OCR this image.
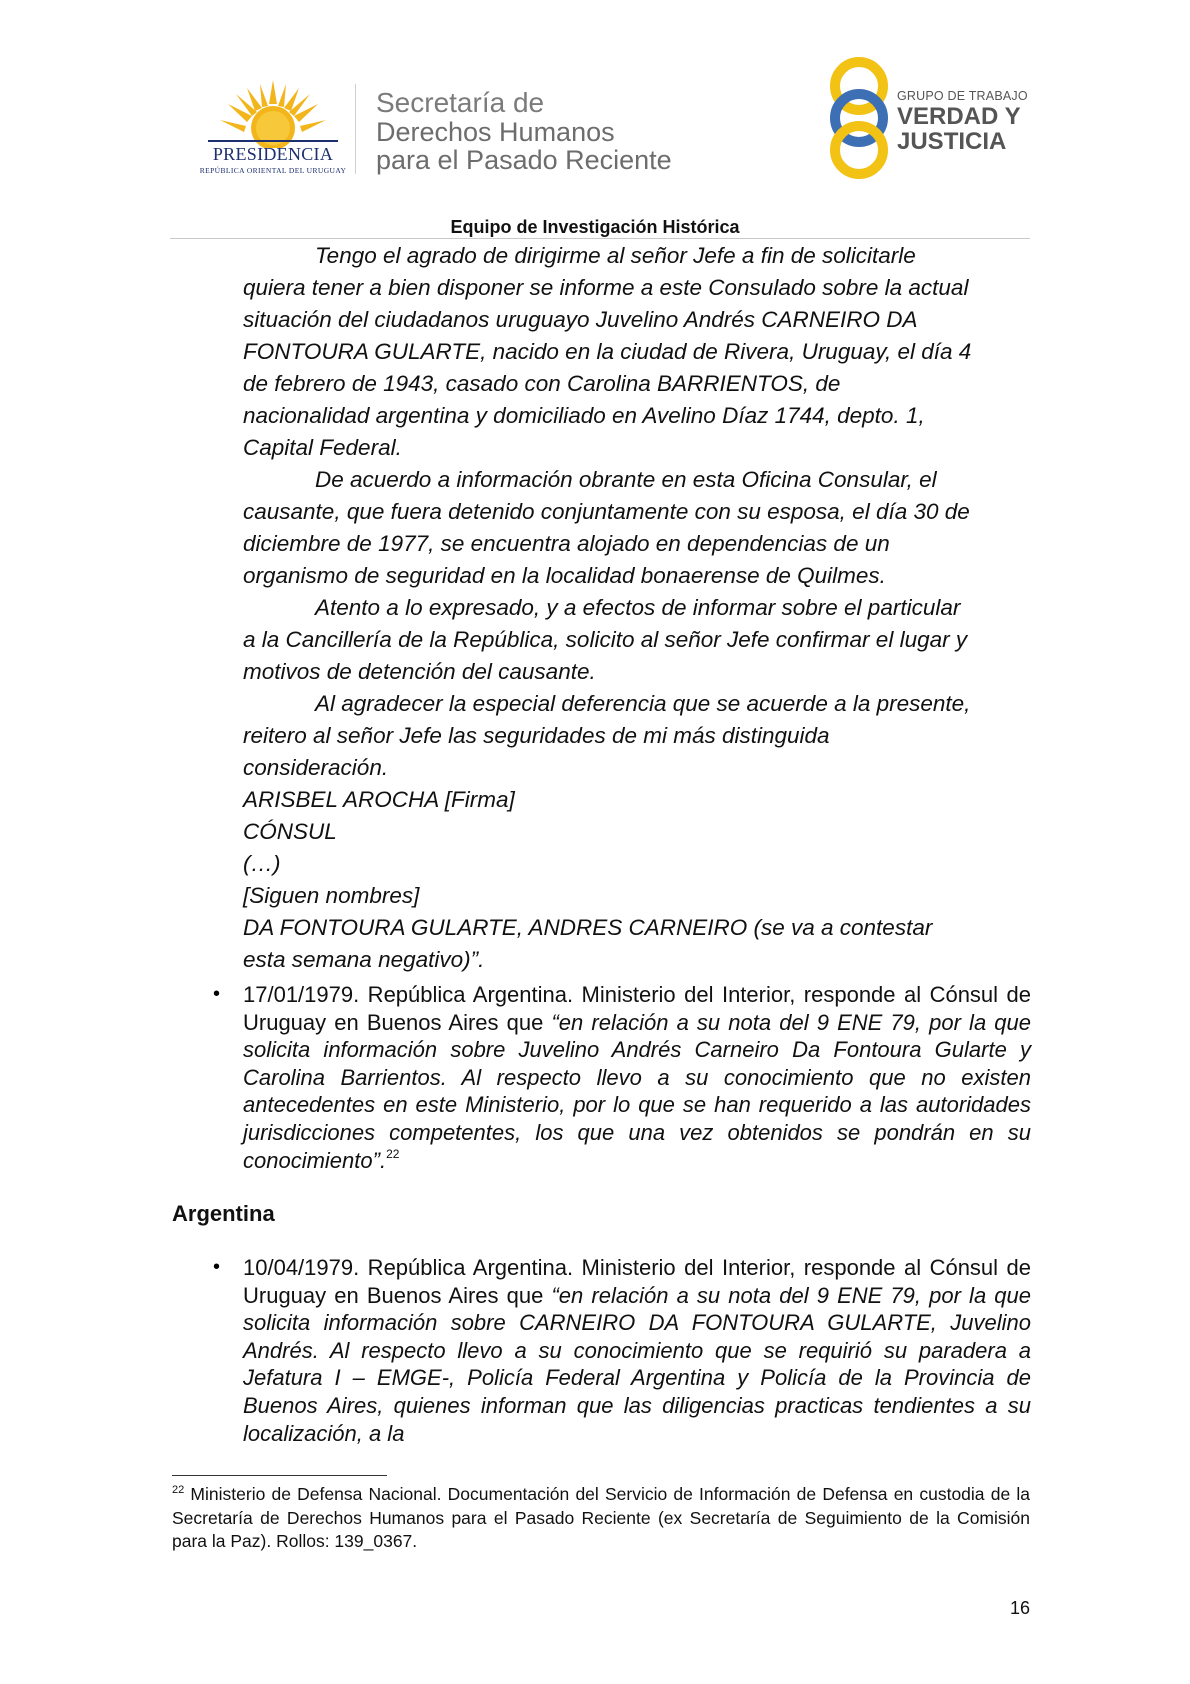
PRESIDENCIA
REPÚBLICA ORIENTAL DEL URUGUAY
Secretaría de
Derechos Humanos
para el Pasado Reciente
GRUPO DE TRABAJO
VERDAD Y
JUSTICIA
Equipo de Investigación Histórica

Tengo el agrado de dirigirme al señor Jefe a fin de solicitarle

quiera tener a bien disponer se informe a este Consulado sobre la actual

situación del ciudadanos uruguayo Juvelino Andrés CARNEIRO DA

FONTOURA GULARTE, nacido en la ciudad de Rivera, Uruguay, el día 4

de febrero de 1943, casado con Carolina BARRIENTOS, de

nacionalidad argentina y domiciliado en Avelino Díaz 1744, depto. 1,

Capital Federal.

De acuerdo a información obrante en esta Oficina Consular, el

causante, que fuera detenido conjuntamente con su esposa, el día 30 de

diciembre de 1977, se encuentra alojado en dependencias de un

organismo de seguridad en la localidad bonaerense de Quilmes.

Atento a lo expresado, y a efectos de informar sobre el particular

a la Cancillería de la República, solicito al señor Jefe confirmar el lugar y

motivos de detención del causante.

Al agradecer la especial deferencia que se acuerde a la presente,

reitero al señor Jefe las seguridades de mi más distinguida

consideración.

ARISBEL AROCHA [Firma]

CÓNSUL

(…)

[Siguen nombres]

DA FONTOURA GULARTE, ANDRES CARNEIRO (se va a contestar

esta semana negativo)”.

• 17/01/1979. República Argentina. Ministerio del Interior, responde al Cónsul de Uruguay en Buenos Aires que “en relación a su nota del 9 ENE 79, por la que solicita información sobre Juvelino Andrés Carneiro Da Fontoura Gularte y Carolina Barrientos. Al respecto llevo a su conocimiento que no existen antecedentes en este Ministerio, por lo que se han requerido a las autoridades jurisdicciones competentes, los que una vez obtenidos se pondrán en su conocimiento”.$^{22}$
Argentina
• 10/04/1979. República Argentina. Ministerio del Interior, responde al Cónsul de Uruguay en Buenos Aires que “en relación a su nota del 9 ENE 79, por la que solicita información sobre CARNEIRO DA FONTOURA GULARTE, Juvelino Andrés. Al respecto llevo a su conocimiento que se requirió su paradera a Jefatura I – EMGE-, Policía Federal Argentina y Policía de la Provincia de Buenos Aires, quienes informan que las diligencias practicas tendientes a su localización, a la
$^{22}$ Ministerio de Defensa Nacional. Documentación del Servicio de Información de Defensa en custodia de la Secretaría de Derechos Humanos para el Pasado Reciente (ex Secretaría de Seguimiento de la Comisión para la Paz). Rollos: 139_0367.
16
